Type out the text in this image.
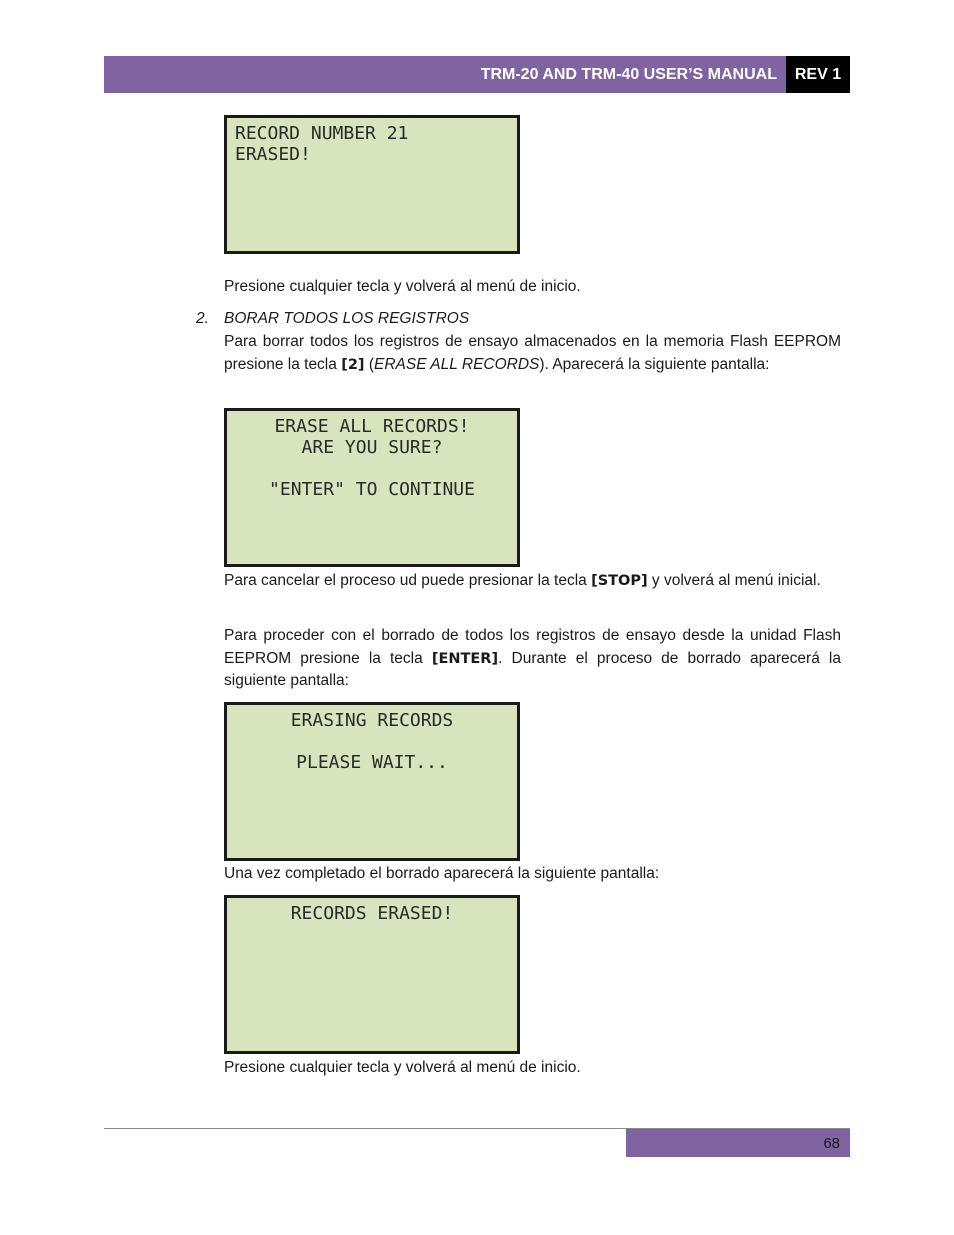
TRM-20 AND TRM-40 USER’S MANUAL REV 1
RECORD NUMBER 21
ERASED!
Presione cualquier tecla y volverá al menú de inicio.
2. BORAR TODOS LOS REGISTROS
Para borrar todos los registros de ensayo almacenados en la memoria Flash EEPROM presione la tecla [2] (ERASE ALL RECORDS). Aparecerá la siguiente pantalla:
ERASE ALL RECORDS!
ARE YOU SURE?
"ENTER" TO CONTINUE
Para cancelar el proceso ud puede presionar la tecla [STOP] y volverá al menú inicial.
Para proceder con el borrado de todos los registros de ensayo desde la unidad Flash EEPROM presione la tecla [ENTER]. Durante el proceso de borrado aparecerá la siguiente pantalla:
ERASING RECORDS
PLEASE WAIT...
Una vez completado el borrado aparecerá la siguiente pantalla:
RECORDS ERASED!
Presione cualquier tecla y volverá al menú de inicio.
68
